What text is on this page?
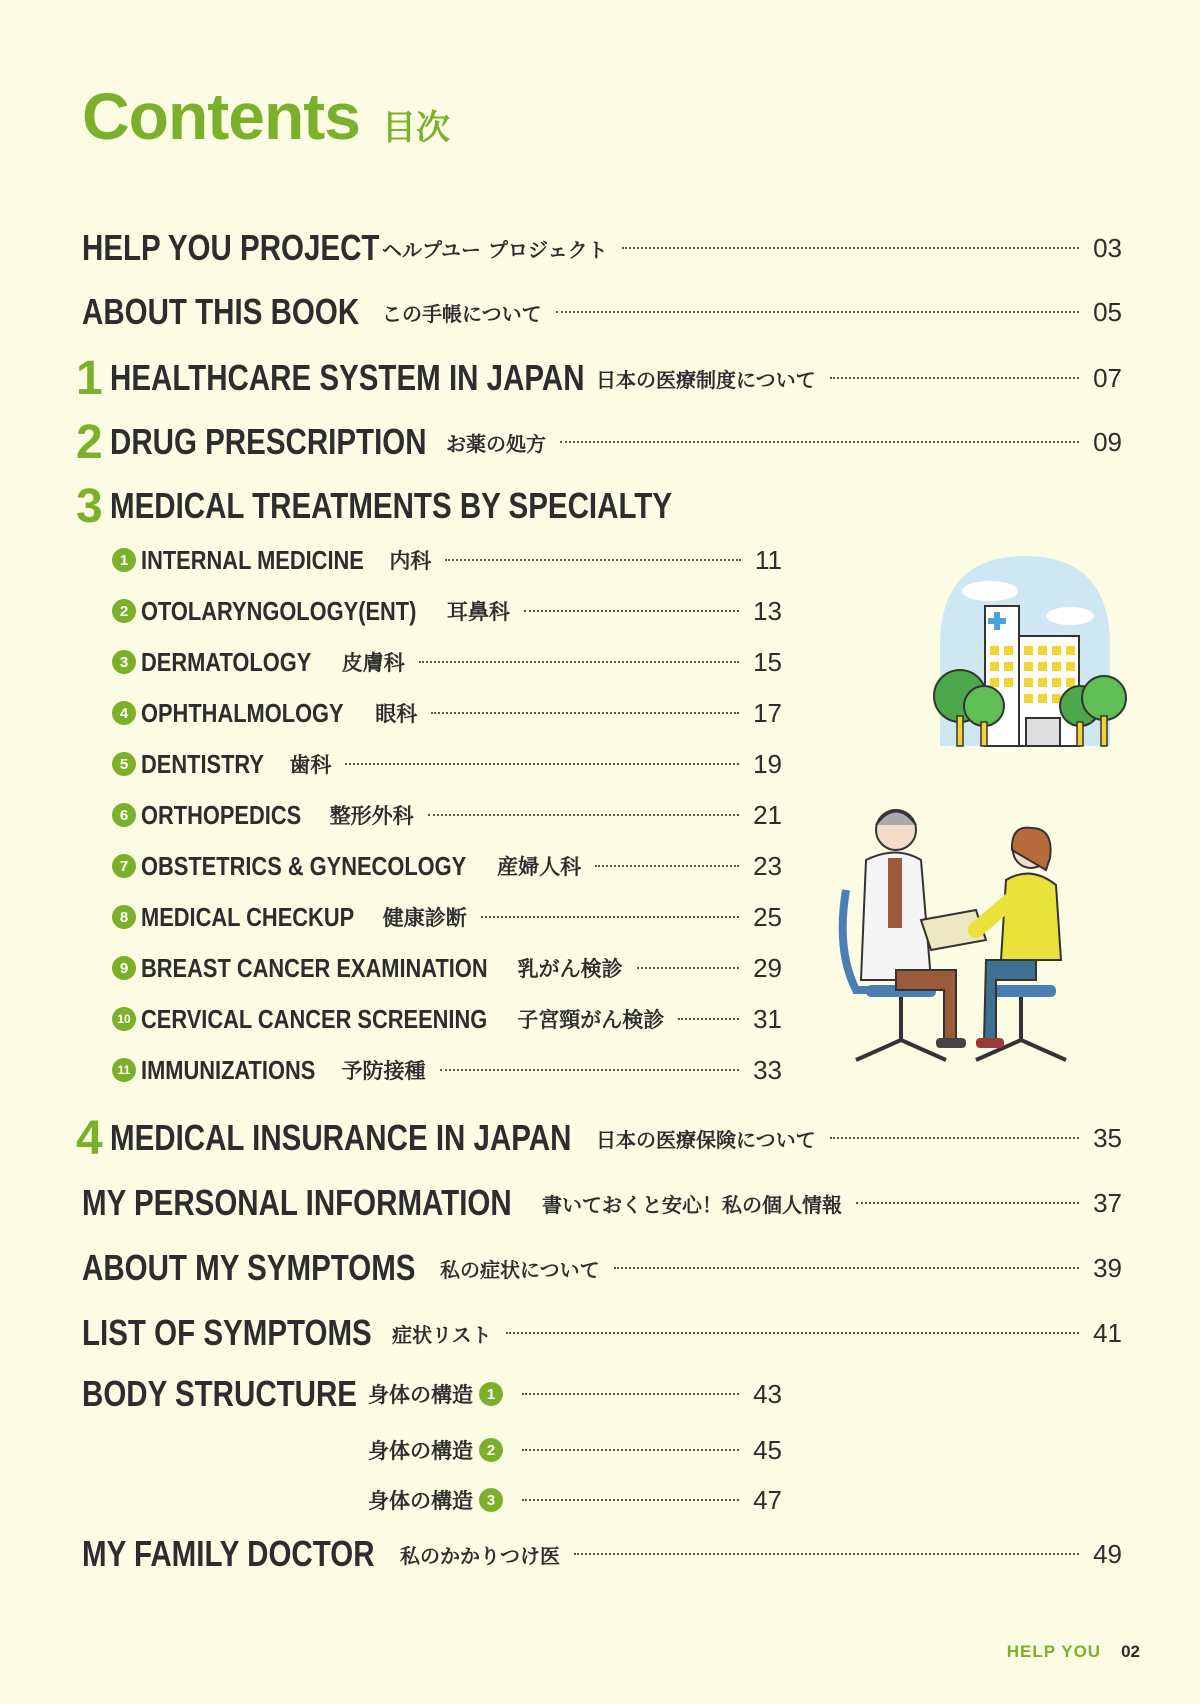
Contents 目次
HELP YOU PROJECT ヘルプユー プロジェクト	03
ABOUT THIS BOOK この手帳について	05
1 HEALTHCARE SYSTEM IN JAPAN 日本の医療制度について	07
2 DRUG PRESCRIPTION お薬の処方	09
3 MEDICAL TREATMENTS BY SPECIALTY
1 INTERNAL MEDICINE 内科	11
2 OTOLARYNGOLOGY(ENT) 耳鼻科	13
3 DERMATOLOGY 皮膚科	15
4 OPHTHALMOLOGY 眼科	17
5 DENTISTRY 歯科	19
6 ORTHOPEDICS 整形外科	21
7 OBSTETRICS & GYNECOLOGY 産婦人科	23
8 MEDICAL CHECKUP 健康診断	25
9 BREAST CANCER EXAMINATION 乳がん検診	29
10 CERVICAL CANCER SCREENING 子宮頸がん検診	31
11 IMMUNIZATIONS 予防接種	33
4 MEDICAL INSURANCE IN JAPAN 日本の医療保険について	35
MY PERSONAL INFORMATION 書いておくと安心！私の個人情報	37
ABOUT MY SYMPTOMS 私の症状について	39
LIST OF SYMPTOMS 症状リスト	41
BODY STRUCTURE 身体の構造 1	43
身体の構造 2	45
身体の構造 3	47
MY FAMILY DOCTOR 私のかかりつけ医	49
HELP YOU 02
